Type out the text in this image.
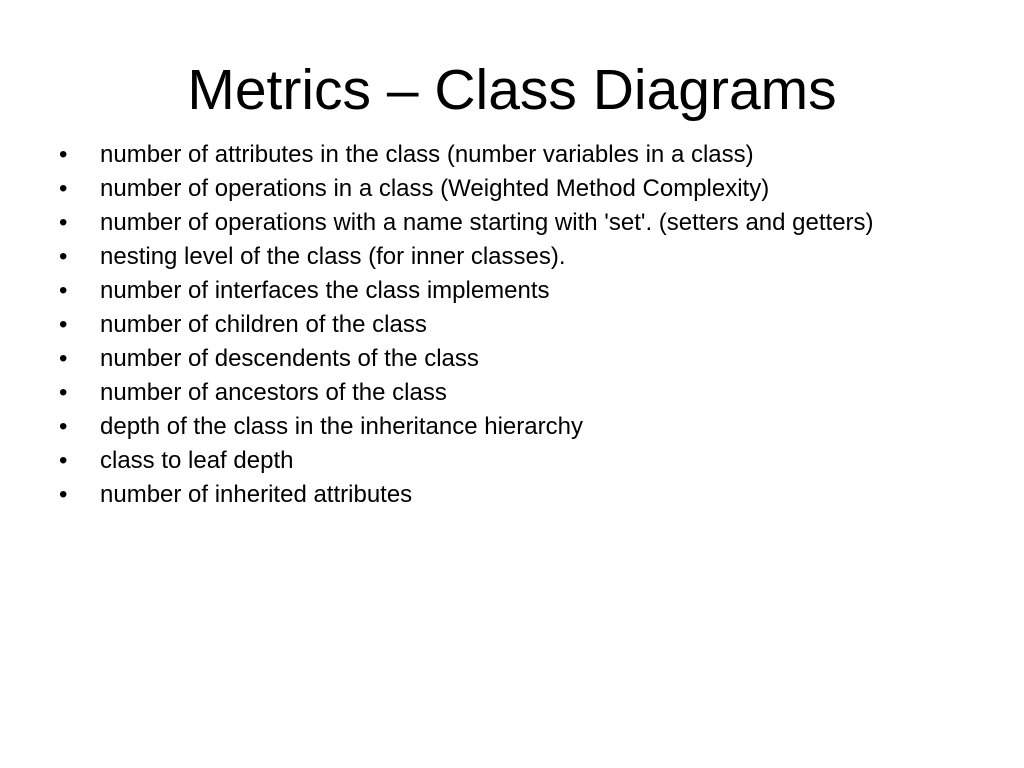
Metrics – Class Diagrams
•	number of attributes in the class (number variables in a class)
•	number of operations in a class (Weighted Method Complexity)
•	number of operations with a name starting with 'set'. (setters and getters)
•	nesting level of the class (for inner classes).
•	number of interfaces the class implements
•	number of children of the class
•	number of descendents of the class
•	number of ancestors of the class
•	depth of the class in the inheritance hierarchy
•	class to leaf depth
•	number of inherited attributes
